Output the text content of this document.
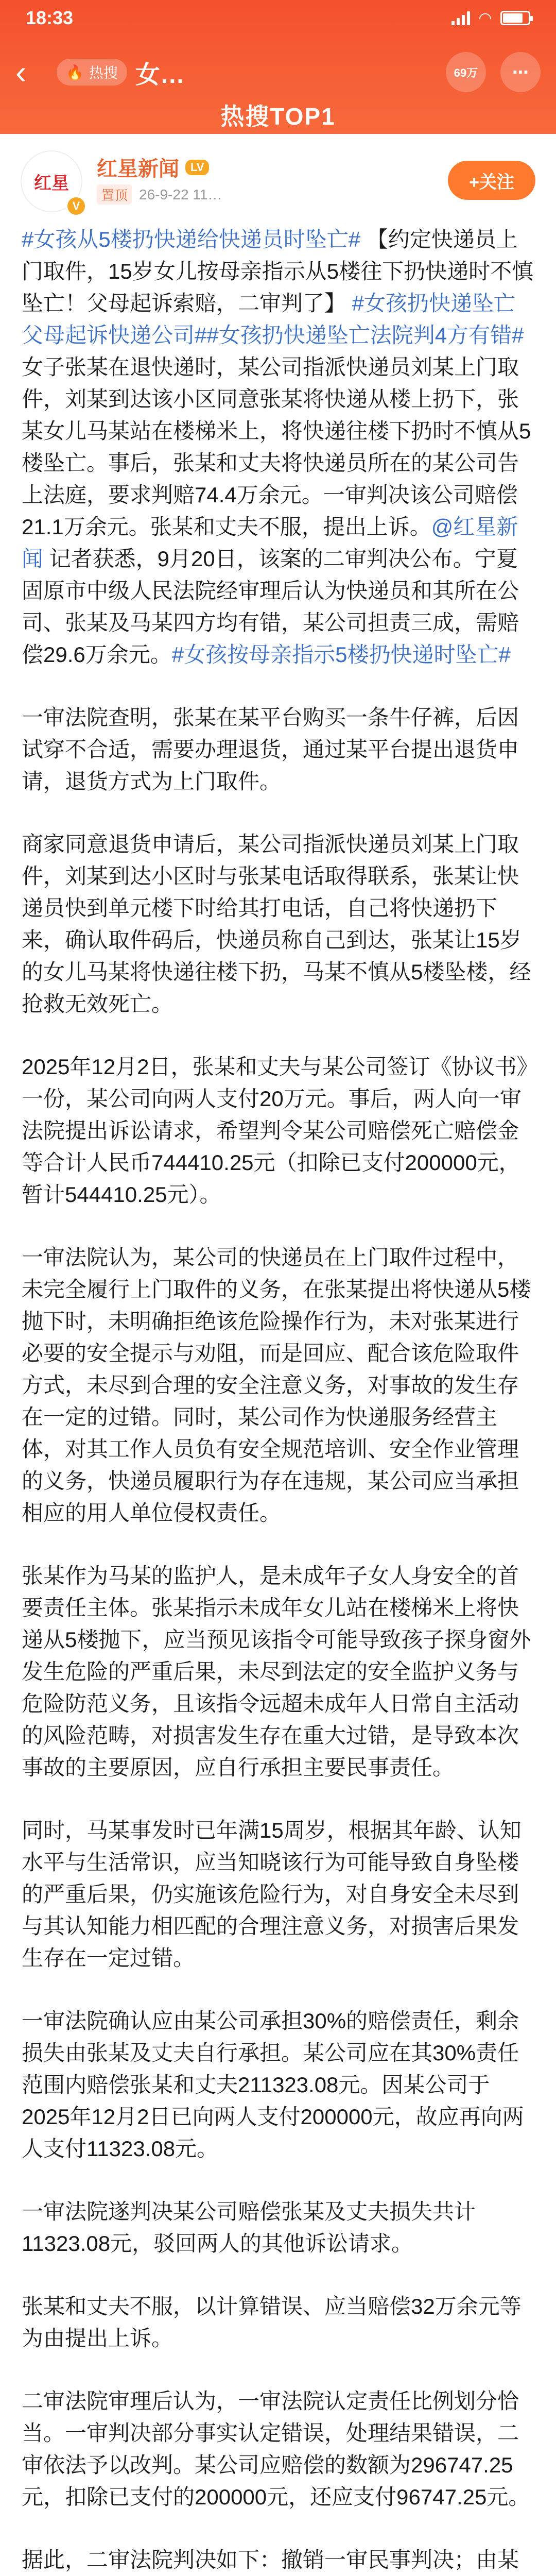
18:33	◠
‹	🔥 热搜 女…	69万 ⋯
热搜TOP1
红星
V
红星新闻	LV
置顶 26-9-22 11…
+关注

#女孩从5楼扔快递给快递员时坠亡# 【约定快递员上门取件，15岁女儿按母亲指示从5楼往下扔快递时不慎坠亡！父母起诉索赔，二审判了】 #女孩扔快递坠亡父母起诉快递公司##女孩扔快递坠亡法院判4方有错# 女子张某在退快递时，某公司指派快递员刘某上门取件，刘某到达该小区同意张某将快递从楼上扔下，张某女儿马某站在楼梯米上，将快递往楼下扔时不慎从5楼坠亡。事后，张某和丈夫将快递员所在的某公司告上法庭，要求判赔74.4万余元。一审判决该公司赔偿21.1万余元。张某和丈夫不服，提出上诉。@红星新闻 记者获悉，9月20日，该案的二审判决公布。宁夏固原市中级人民法院经审理后认为快递员和其所在公司、张某及马某四方均有错，某公司担责三成，需赔偿29.6万余元。#女孩按母亲指示5楼扔快递时坠亡#

一审法院查明，张某在某平台购买一条牛仔裤，后因试穿不合适，需要办理退货，通过某平台提出退货申请，退货方式为上门取件。

商家同意退货申请后，某公司指派快递员刘某上门取件，刘某到达小区时与张某电话取得联系，张某让快递员快到单元楼下时给其打电话，自己将快递扔下来，确认取件码后，快递员称自己到达，张某让15岁的女儿马某将快递往楼下扔，马某不慎从5楼坠楼，经抢救无效死亡。

2025年12月2日，张某和丈夫与某公司签订《协议书》一份，某公司向两人支付20万元。事后，两人向一审法院提出诉讼请求，希望判令某公司赔偿死亡赔偿金等合计人民币744410.25元（扣除已支付200000元，暂计544410.25元）。

一审法院认为，某公司的快递员在上门取件过程中，未完全履行上门取件的义务，在张某提出将快递从5楼抛下时，未明确拒绝该危险操作行为，未对张某进行必要的安全提示与劝阻，而是回应、配合该危险取件方式，未尽到合理的安全注意义务，对事故的发生存在一定的过错。同时，某公司作为快递服务经营主体，对其工作人员负有安全规范培训、安全作业管理的义务，快递员履职行为存在违规，某公司应当承担相应的用人单位侵权责任。

张某作为马某的监护人，是未成年子女人身安全的首要责任主体。张某指示未成年女儿站在楼梯米上将快递从5楼抛下，应当预见该指令可能导致孩子探身窗外发生危险的严重后果，未尽到法定的安全监护义务与危险防范义务，且该指令远超未成年人日常自主活动的风险范畴，对损害发生存在重大过错，是导致本次事故的主要原因，应自行承担主要民事责任。

同时，马某事发时已年满15周岁，根据其年龄、认知水平与生活常识，应当知晓该行为可能导致自身坠楼的严重后果，仍实施该危险行为，对自身安全未尽到与其认知能力相匹配的合理注意义务，对损害后果发生存在一定过错。

一审法院确认应由某公司承担30%的赔偿责任，剩余损失由张某及丈夫自行承担。某公司应在其30%责任范围内赔偿张某和丈夫211323.08元。因某公司于2025年12月2日已向两人支付200000元，故应再向两人支付11323.08元。

一审法院遂判决某公司赔偿张某及丈夫损失共计11323.08元，驳回两人的其他诉讼请求。

张某和丈夫不服，以计算错误、应当赔偿32万余元等为由提出上诉。

二审法院审理后认为，一审法院认定责任比例划分恰当。一审判决部分事实认定错误，处理结果错误，二审依法予以改判。某公司应赔偿的数额为296747.25元，扣除已支付的200000元，还应支付96747.25元。

据此，二审法院判决如下：撤销一审民事判决；由某
